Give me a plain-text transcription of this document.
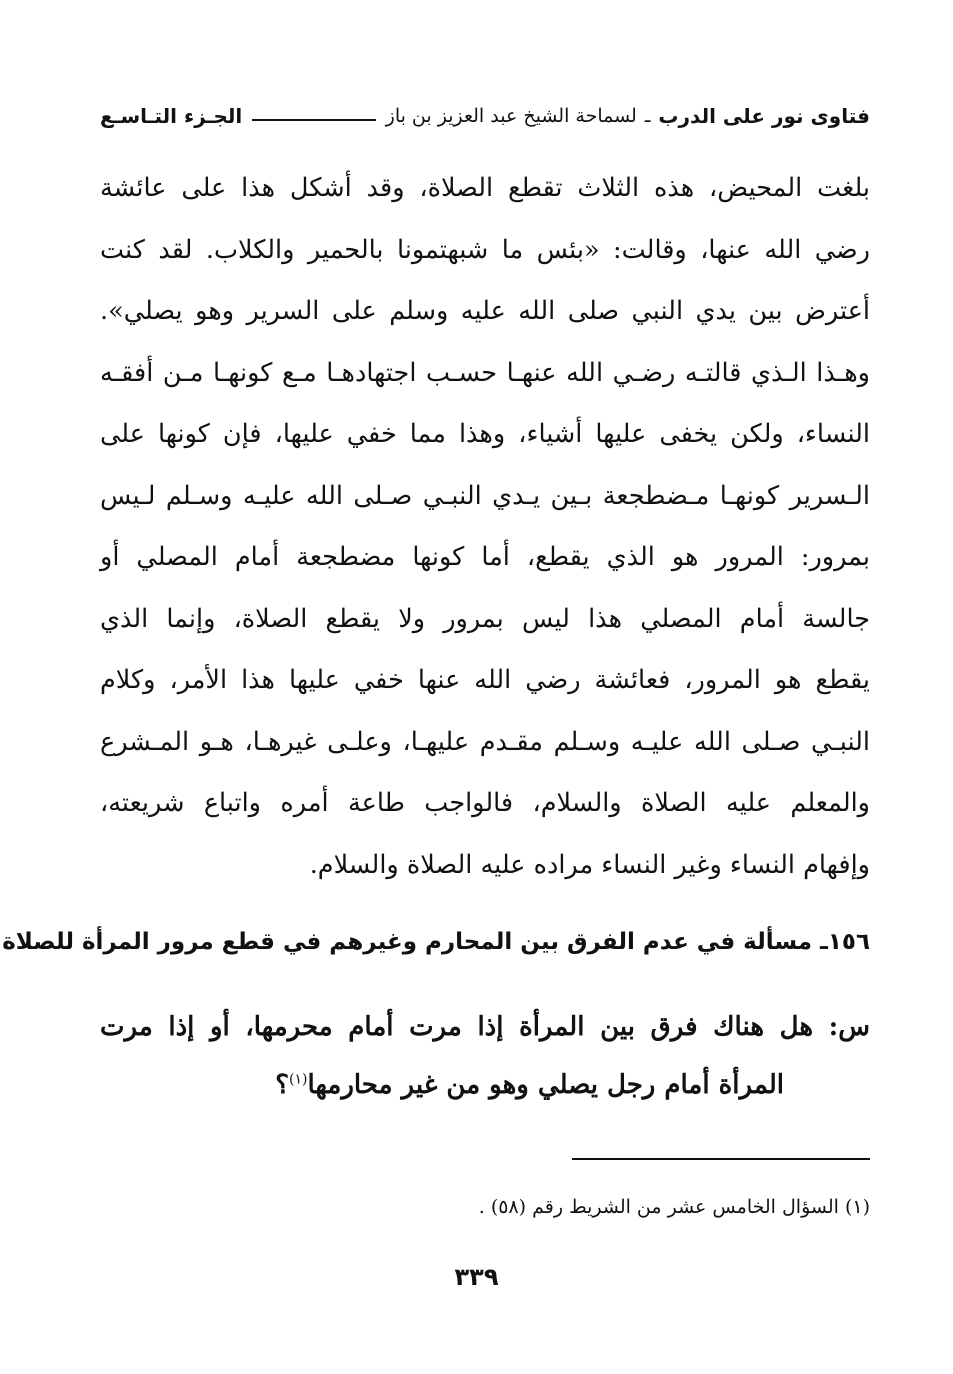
فتاوى نور على الدرب
ـ
لسماحة الشيخ عبد العزيز بن باز
الجـزء التـاسـع
بلغت المحيض، هذه الثلاث تقطع الصلاة، وقد أشكل هذا على عائشة
رضي الله عنها، وقالت: «بئس ما شبهتمونا بالحمير والكلاب. لقد كنت
أعترض بين يدي النبي صلى الله عليه وسلم على السرير وهو يصلي».
وهـذا الـذي قالتـه رضـي الله عنهـا حسـب اجتهادهـا مـع كونهـا مـن أفقـه
النساء، ولكن يخفى عليها أشياء، وهذا مما خفي عليها، فإن كونها على
الـسرير كونهـا مـضطجعة بـين يـدي النبـي صـلى الله عليـه وسـلم لـيس
بمرور: المرور هو الذي يقطع، أما كونها مضطجعة أمام المصلي أو
جالسة أمام المصلي هذا ليس بمرور ولا يقطع الصلاة، وإنما الذي
يقطع هو المرور، فعائشة رضي الله عنها خفي عليها هذا الأمر، وكلام
النبـي صـلى الله عليـه وسـلم مقـدم عليهـا، وعلـى غيرهـا، هـو المـشرع
والمعلم عليه الصلاة والسلام، فالواجب طاعة أمره واتباع شريعته،
وإفهام النساء وغير النساء مراده عليه الصلاة والسلام.
١٥٦ـ مسألة في عدم الفرق بين المحارم وغيرهم في قطع مرور المرأة للصلاة
س: هل هناك فرق بين المرأة إذا مرت أمام محرمها، أو إذا مرت
المرأة أمام رجل يصلي وهو من غير محارمها$^{(١)}$؟
(١) السؤال الخامس عشر من الشريط رقم (٥٨) .
٣٣٩
